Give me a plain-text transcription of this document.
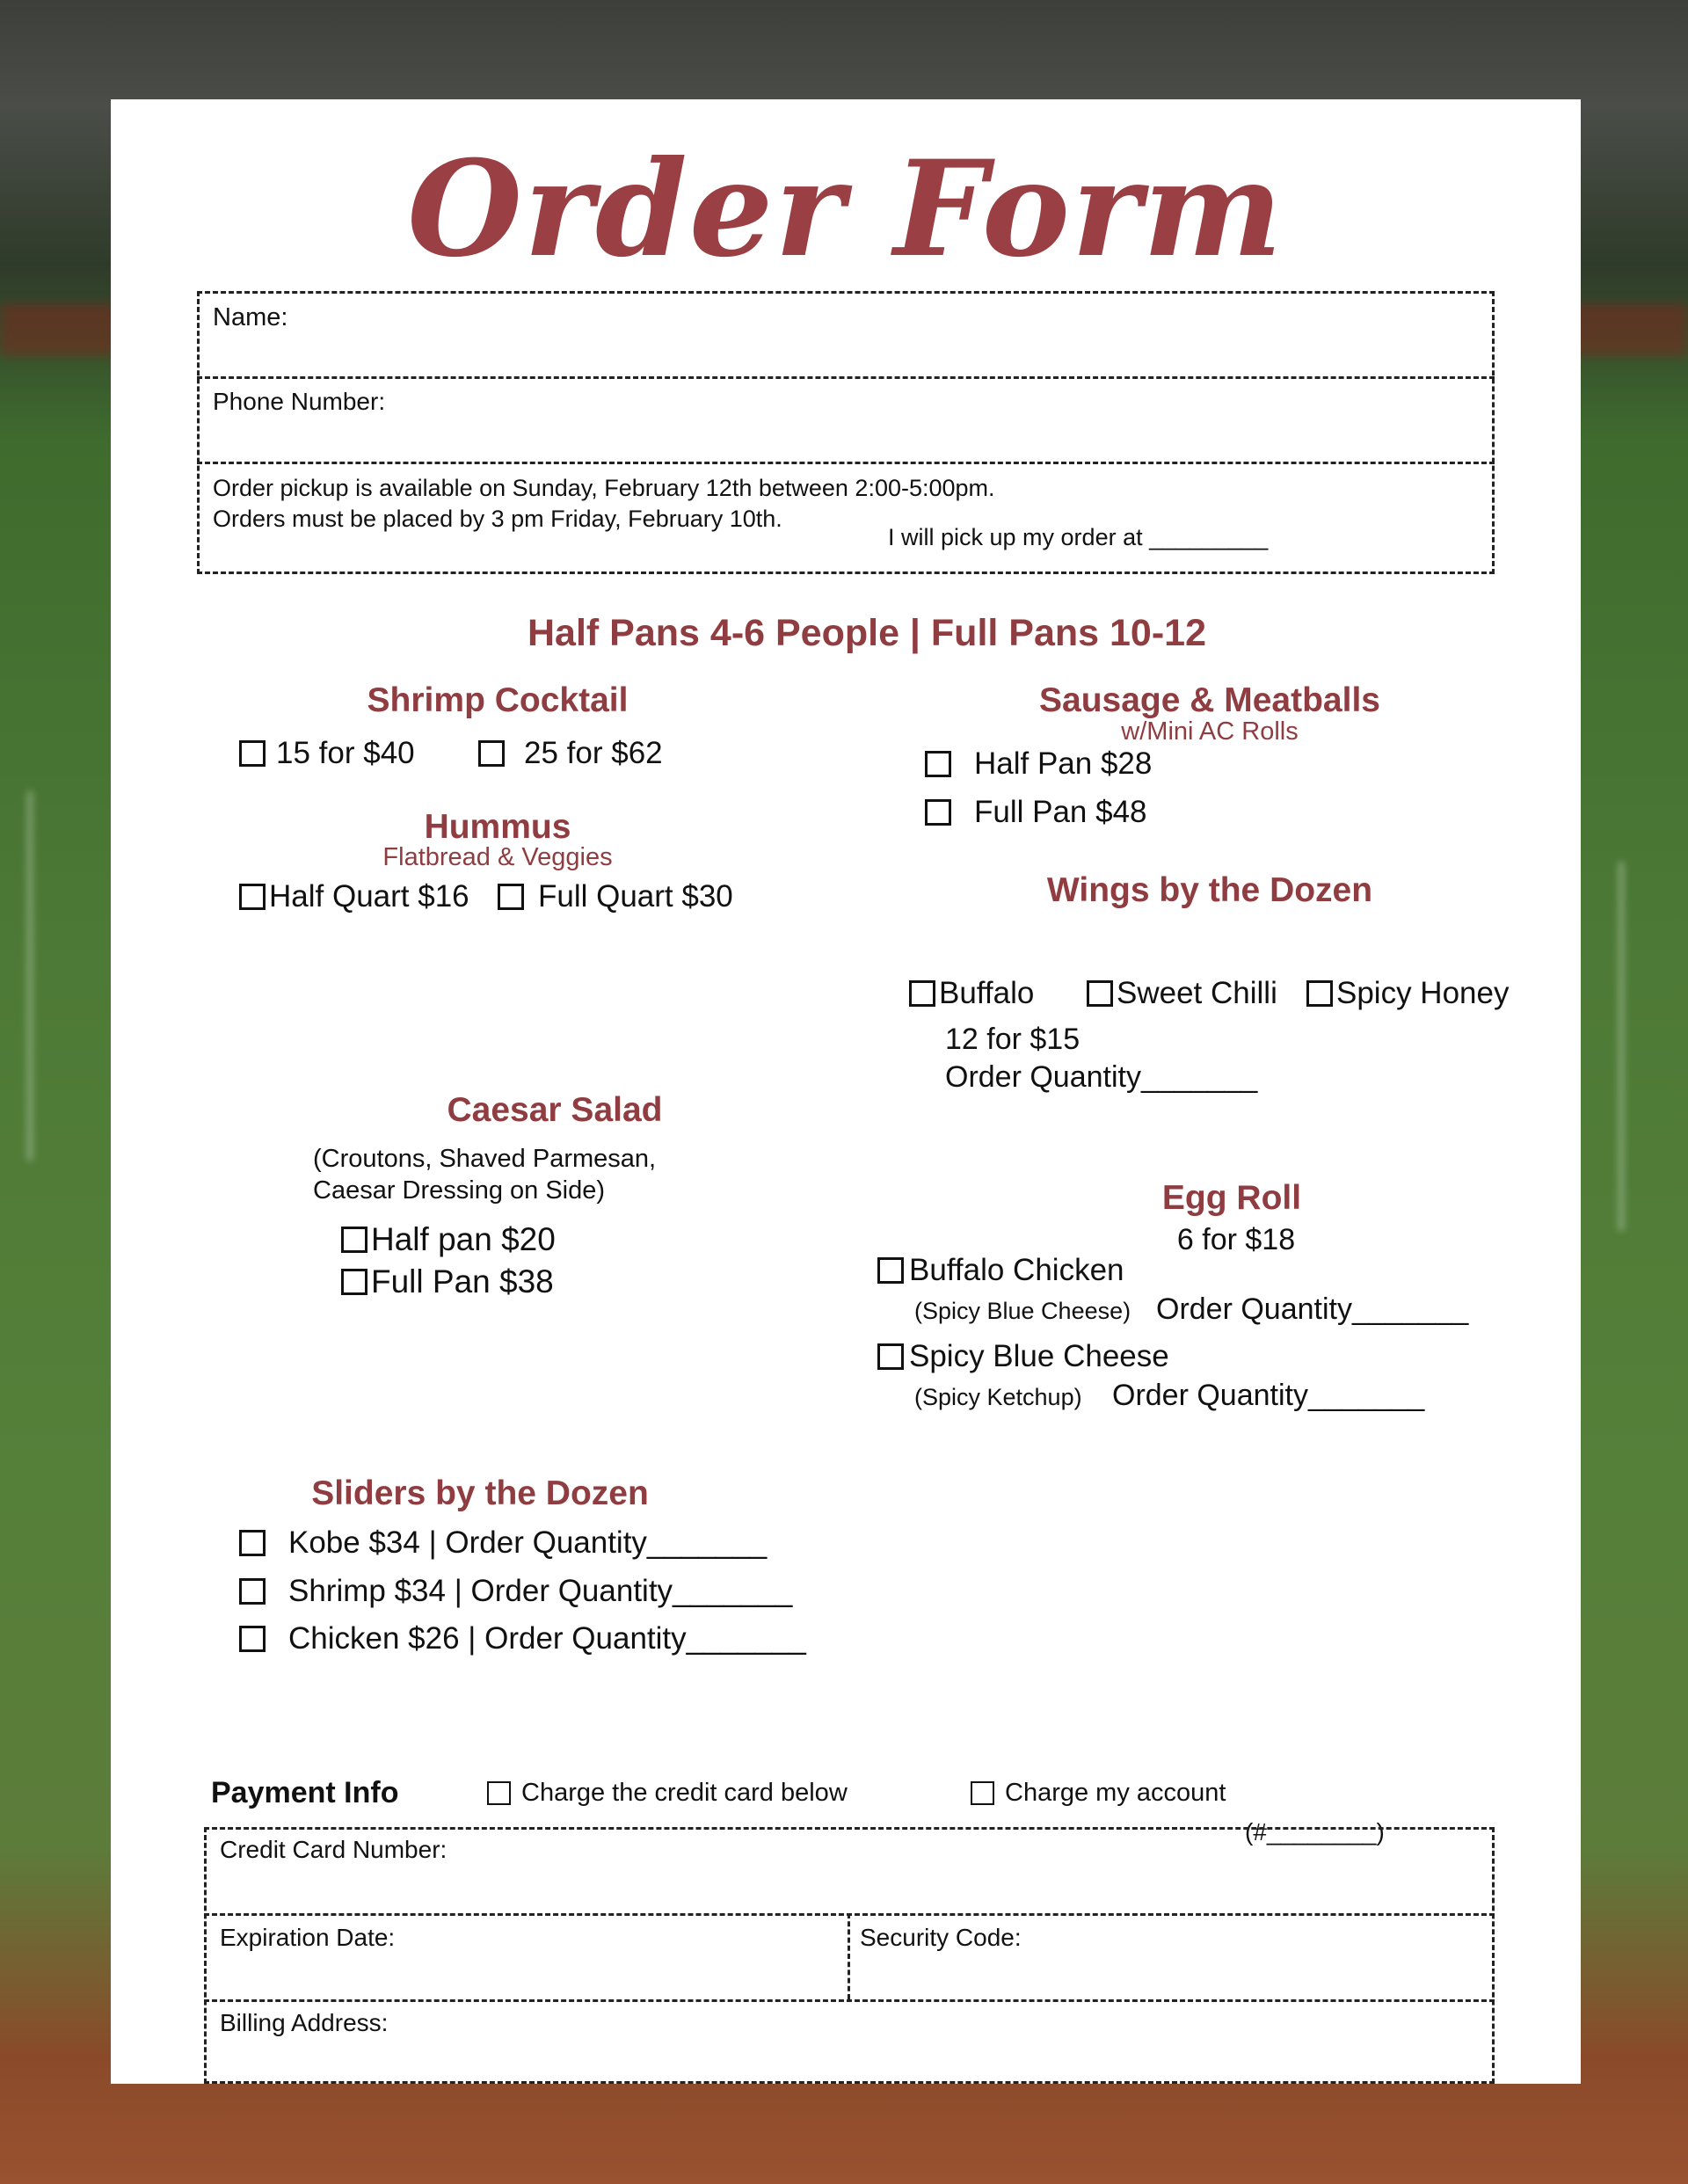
Order Form
Name:
Phone Number:
Order pickup is available on Sunday, February 12th between 2:00-5:00pm.
Orders must be placed by 3 pm Friday, February 10th.
I will pick up my order at _________
Half Pans 4-6 People | Full Pans 10-12
Shrimp Cocktail
15 for $40	25 for $62
Hummus
Flatbread & Veggies
Half Quart $16 Full Quart $30
Sausage & Meatballs
w/Mini AC Rolls
Half Pan $28
Full Pan $48
Wings by the Dozen
Buffalo	Sweet Chilli Spicy Honey
12 for $15
Order Quantity_______
Caesar Salad
(Croutons, Shaved Parmesan,
Caesar Dressing on Side)
Half pan $20
Full Pan $38
Egg Roll
6 for $18
Buffalo Chicken
(Spicy Blue Cheese) Order Quantity_______
Spicy Blue Cheese
(Spicy Ketchup) Order Quantity_______
Sliders by the Dozen
Kobe $34 | Order Quantity_______
Shrimp $34 | Order Quantity_______
Chicken $26 | Order Quantity_______
Payment Info	Charge the credit card below	Charge my account
(#________)
Credit Card Number:
Expiration Date:	Security Code:
Billing Address:
